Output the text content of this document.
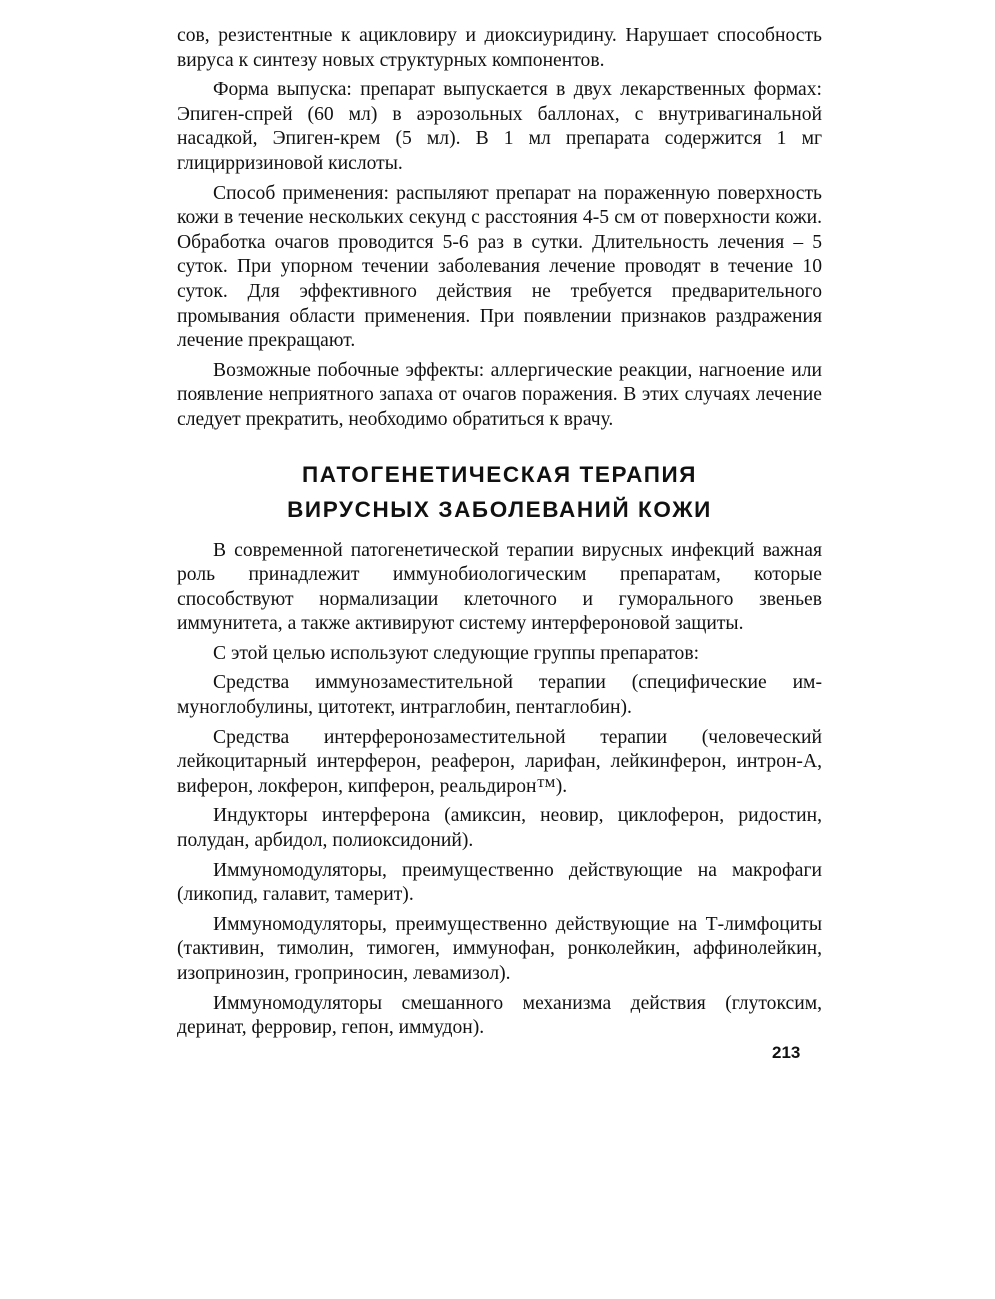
сов, резистентные к ацикловиру и диоксиуридину. Нарушает способность вируса к синтезу новых структурных компонентов.

Форма выпуска: препарат выпускается в двух лекарственных формах: Эпиген-спрей (60 мл) в аэрозольных баллонах, с внутривагинальной насадкой, Эпиген-крем (5 мл). В 1 мл препарата содержится 1 мг глицирризиновой кислоты.

Способ применения: распыляют препарат на пораженную поверхность кожи в течение нескольких секунд с расстояния 4-5 см от поверхности кожи. Обработка очагов проводится 5-6 раз в сутки. Длительность лечения – 5 суток. При упорном течении заболевания лечение проводят в течение 10 суток. Для эффективного действия не требуется предварительного промывания области применения. При появлении признаков раздражения лечение прекращают.

Возможные побочные эффекты: аллергические реакции, нагноение или появление неприятного запаха от очагов поражения. В этих случаях лечение следует прекратить, необходимо обратиться к врачу.

ПАТОГЕНЕТИЧЕСКАЯ ТЕРАПИЯ

ВИРУСНЫХ ЗАБОЛЕВАНИЙ КОЖИ

В современной патогенетической терапии вирусных инфекций важная роль принадлежит иммунобиологическим препаратам, которые способствуют нормализации клеточного и гуморального звеньев иммунитета, а также активируют систему интерфероновой защиты.

С этой целью используют следующие группы препаратов:

Средства иммунозаместительной терапии (специфические иммуноглобулины, цитотект, интраглобин, пентаглобин).

Средства интерферонозаместительной терапии (человеческий лейкоцитарный интерферон, реаферон, ларифан, лейкинферон, интрон-А, виферон, локферон, кипферон, реальдирон™).

Индукторы интерферона (амиксин, неовир, циклоферон, ридостин, полудан, арбидол, полиоксидоний).

Иммуномодуляторы, преимущественно действующие на макрофаги (ликопид, галавит, тамерит).

Иммуномодуляторы, преимущественно действующие на Т-лимфоциты (тактивин, тимолин, тимоген, иммунофан, ронколейкин, аффинолейкин, изопринозин, гроприносин, левамизол).

Иммуномодуляторы смешанного механизма действия (глутоксим, деринат, ферровир, гепон, иммудон).

213
